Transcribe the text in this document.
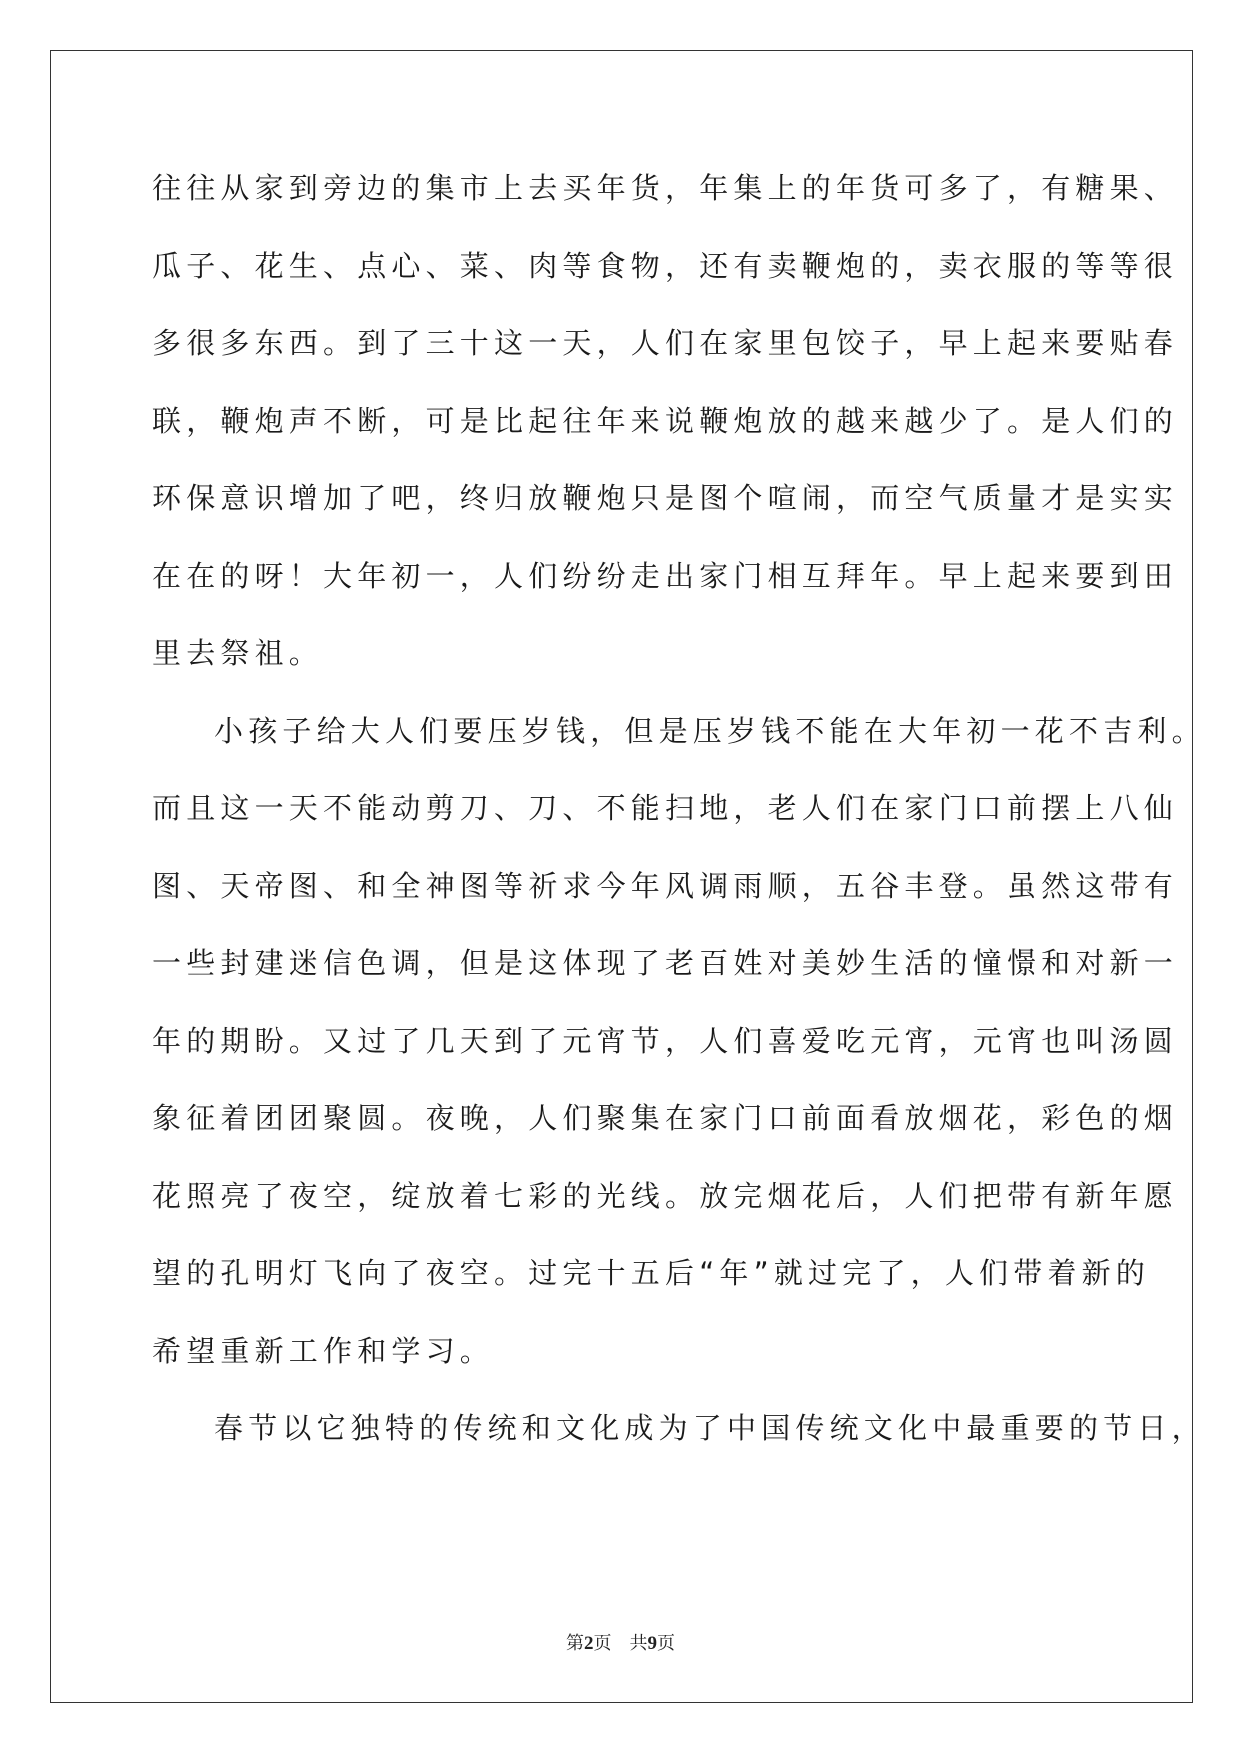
往往从家到旁边的集市上去买年货，年集上的年货可多了，有糖果、
瓜子、花生、点心、菜、肉等食物，还有卖鞭炮的，卖衣服的等等很
多很多东西。到了三十这一天，人们在家里包饺子，早上起来要贴春
联，鞭炮声不断，可是比起往年来说鞭炮放的越来越少了。是人们的
环保意识增加了吧，终归放鞭炮只是图个喧闹，而空气质量才是实实
在在的呀！大年初一，人们纷纷走出家门相互拜年。早上起来要到田
里去祭祖。
小孩子给大人们要压岁钱，但是压岁钱不能在大年初一花不吉利。
而且这一天不能动剪刀、刀、不能扫地，老人们在家门口前摆上八仙
图、天帝图、和全神图等祈求今年风调雨顺，五谷丰登。虽然这带有
一些封建迷信色调，但是这体现了老百姓对美妙生活的憧憬和对新一
年的期盼。又过了几天到了元宵节，人们喜爱吃元宵，元宵也叫汤圆
象征着团团聚圆。夜晚，人们聚集在家门口前面看放烟花，彩色的烟
花照亮了夜空，绽放着七彩的光线。放完烟花后，人们把带有新年愿
望的孔明灯飞向了夜空。过完十五后“年”就过完了，人们带着新的
希望重新工作和学习。
春节以它独特的传统和文化成为了中国传统文化中最重要的节日，
第2页 共9页
